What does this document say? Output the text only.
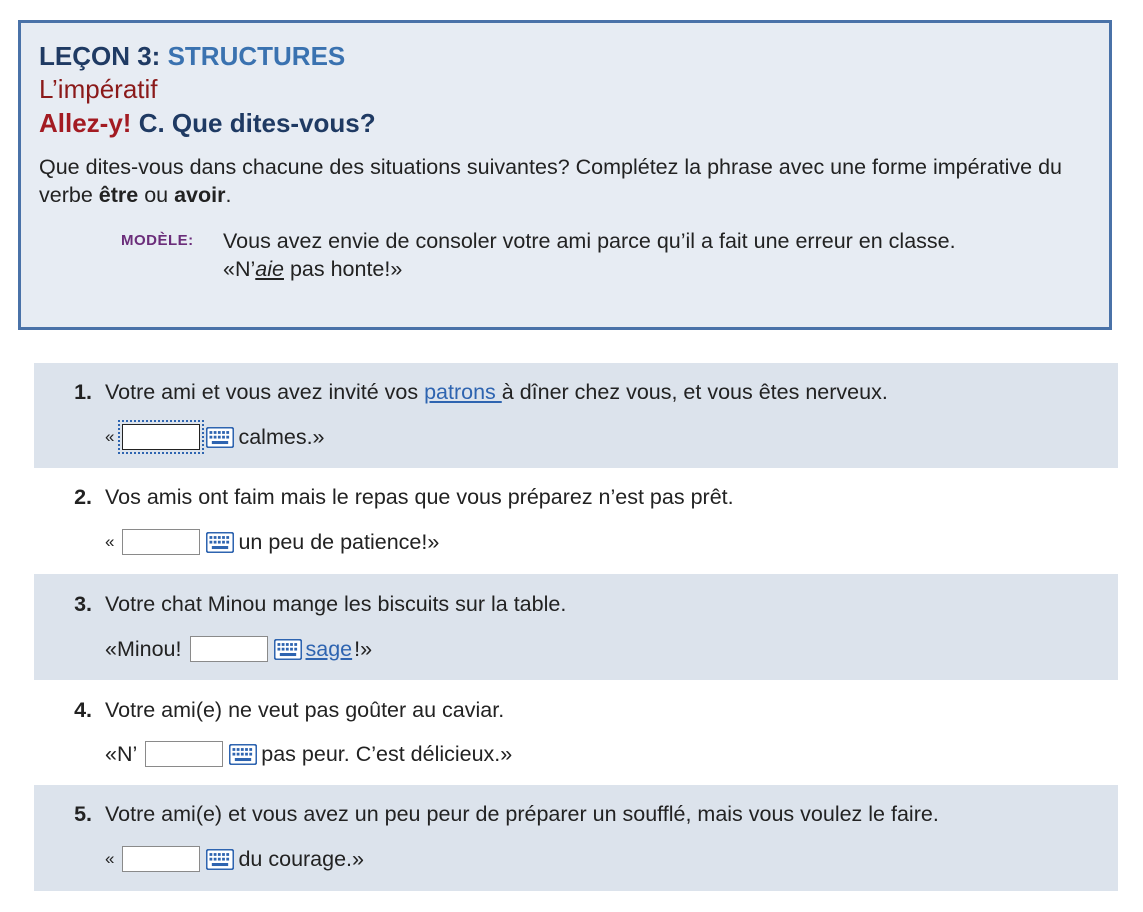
LEÇON 3: STRUCTURES
L’impératif
Allez-y! C. Que dites-vous?
Que dites-vous dans chacune des situations suivantes? Complétez la phrase avec une forme impérative du verbe être ou avoir.
MODÈLE: Vous avez envie de consoler votre ami parce qu’il a fait une erreur en classe.
«N’aie pas honte!»
1. Votre ami et vous avez invité vos patrons à dîner chez vous, et vous êtes nerveux.
«	calmes.»
2. Vos amis ont faim mais le repas que vous préparez n’est pas prêt.
«	un peu de patience!»
3. Votre chat Minou mange les biscuits sur la table.
«Minou!	sage !»
4. Votre ami(e) ne veut pas goûter au caviar.
«N’	pas peur. C’est délicieux.»
5. Votre ami(e) et vous avez un peu peur de préparer un soufflé, mais vous voulez le faire.
«	du courage.»
